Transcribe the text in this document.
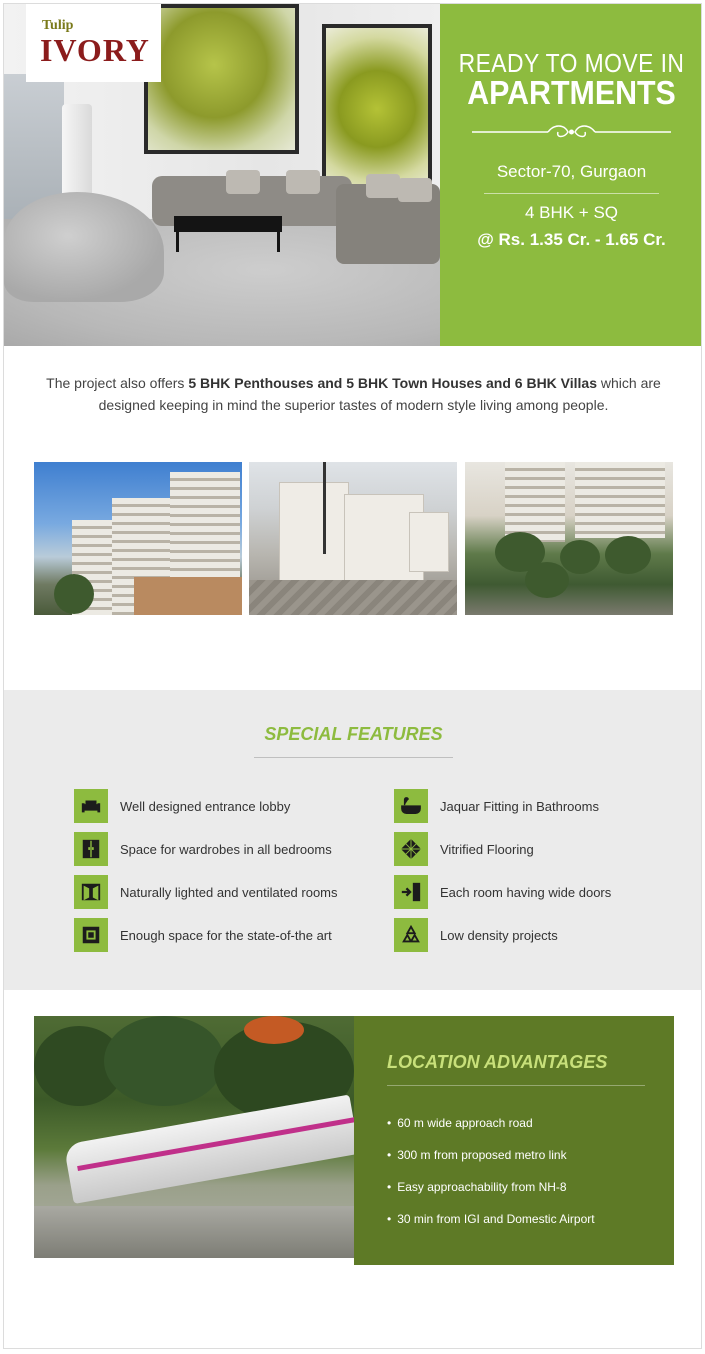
Tulip
IVORY	READY TO MOVE IN
APARTMENTS
Sector-70, Gurgaon
4 BHK + SQ
@ Rs. 1.35 Cr. - 1.65 Cr.

The project also offers 5 BHK Penthouses and 5 BHK Town Houses and 6 BHK Villas which are designed keeping in mind the superior tastes of modern style living among people.

SPECIAL FEATURES
Well designed entrance lobby	Jaquar Fitting in Bathrooms
Space for wardrobes in all bedrooms	Vitrified Flooring
Naturally lighted and ventilated rooms	Each room having wide doors
Enough space for the state-of-the art	Low density projects
LOCATION ADVANTAGES
• 60 m wide approach road
• 300 m from proposed metro link
• Easy approachability from NH-8
• 30 min from IGI and Domestic Airport
